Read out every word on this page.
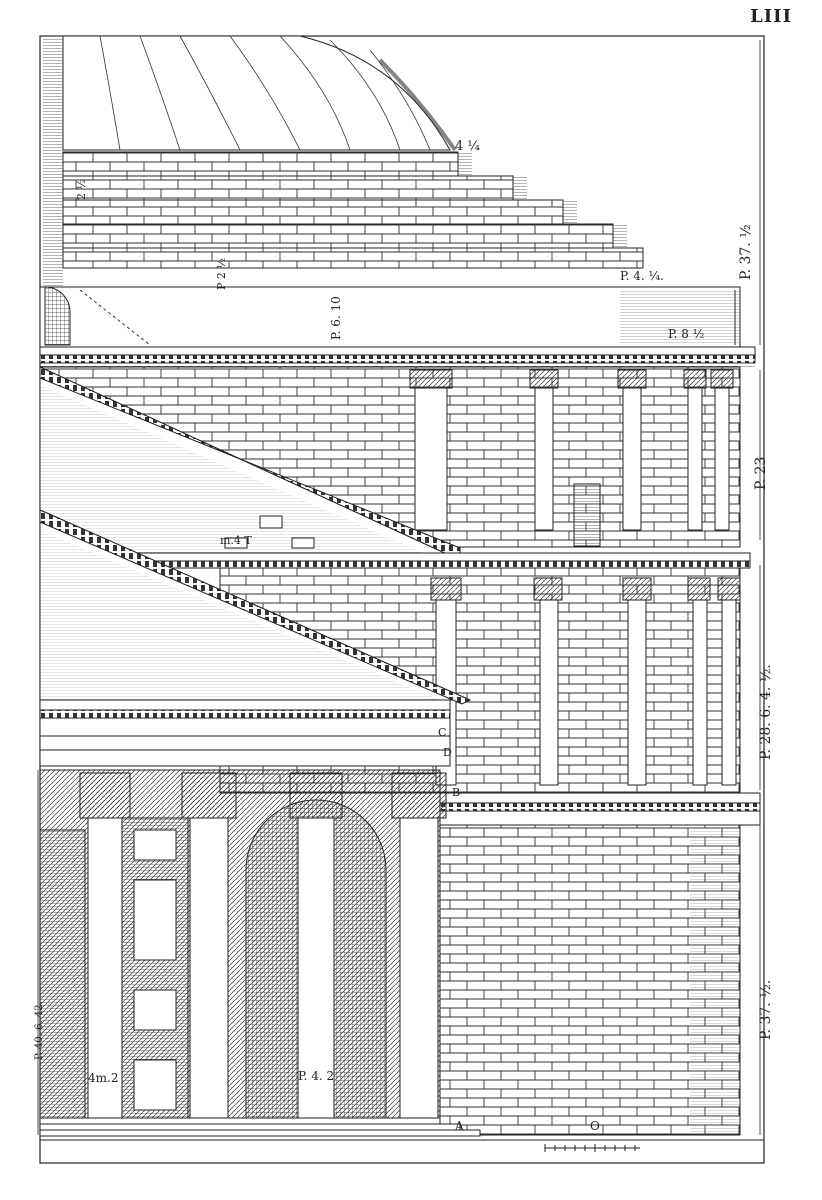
LIII
4 ¼
2 ½
P 2 ½	P. 4. ¼.
P. 6. 10	P. 8 ½
m.4 T
P. 37. ½
P. 23
P. 28. 6. 4. ½.
P. 37. ½.
P. 40. 6. 42.
C
D
B
A	O
4m.2	P. 4. 2
